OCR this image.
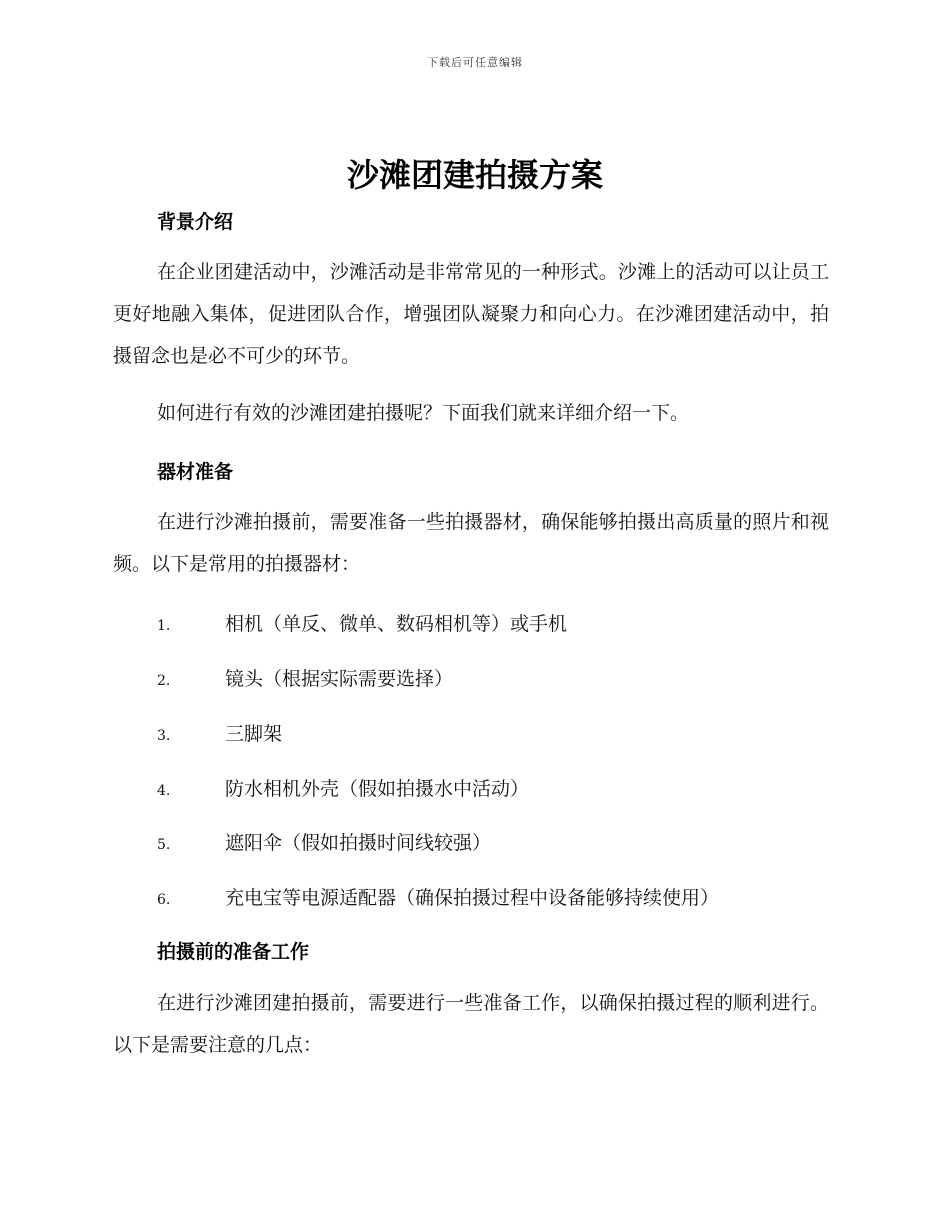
下载后可任意编辑
沙滩团建拍摄方案
背景介绍
在企业团建活动中，沙滩活动是非常常见的一种形式。沙滩上的活动可以让员工更好地融入集体，促进团队合作，增强团队凝聚力和向心力。在沙滩团建活动中，拍摄留念也是必不可少的环节。
如何进行有效的沙滩团建拍摄呢？下面我们就来详细介绍一下。
器材准备
在进行沙滩拍摄前，需要准备一些拍摄器材，确保能够拍摄出高质量的照片和视频。以下是常用的拍摄器材：
1.	相机（单反、微单、数码相机等）或手机
2.	镜头（根据实际需要选择）
3.	三脚架
4.	防水相机外壳（假如拍摄水中活动）
5.	遮阳伞（假如拍摄时间线较强）
6.	充电宝等电源适配器（确保拍摄过程中设备能够持续使用）
拍摄前的准备工作
在进行沙滩团建拍摄前，需要进行一些准备工作，以确保拍摄过程的顺利进行。以下是需要注意的几点：
